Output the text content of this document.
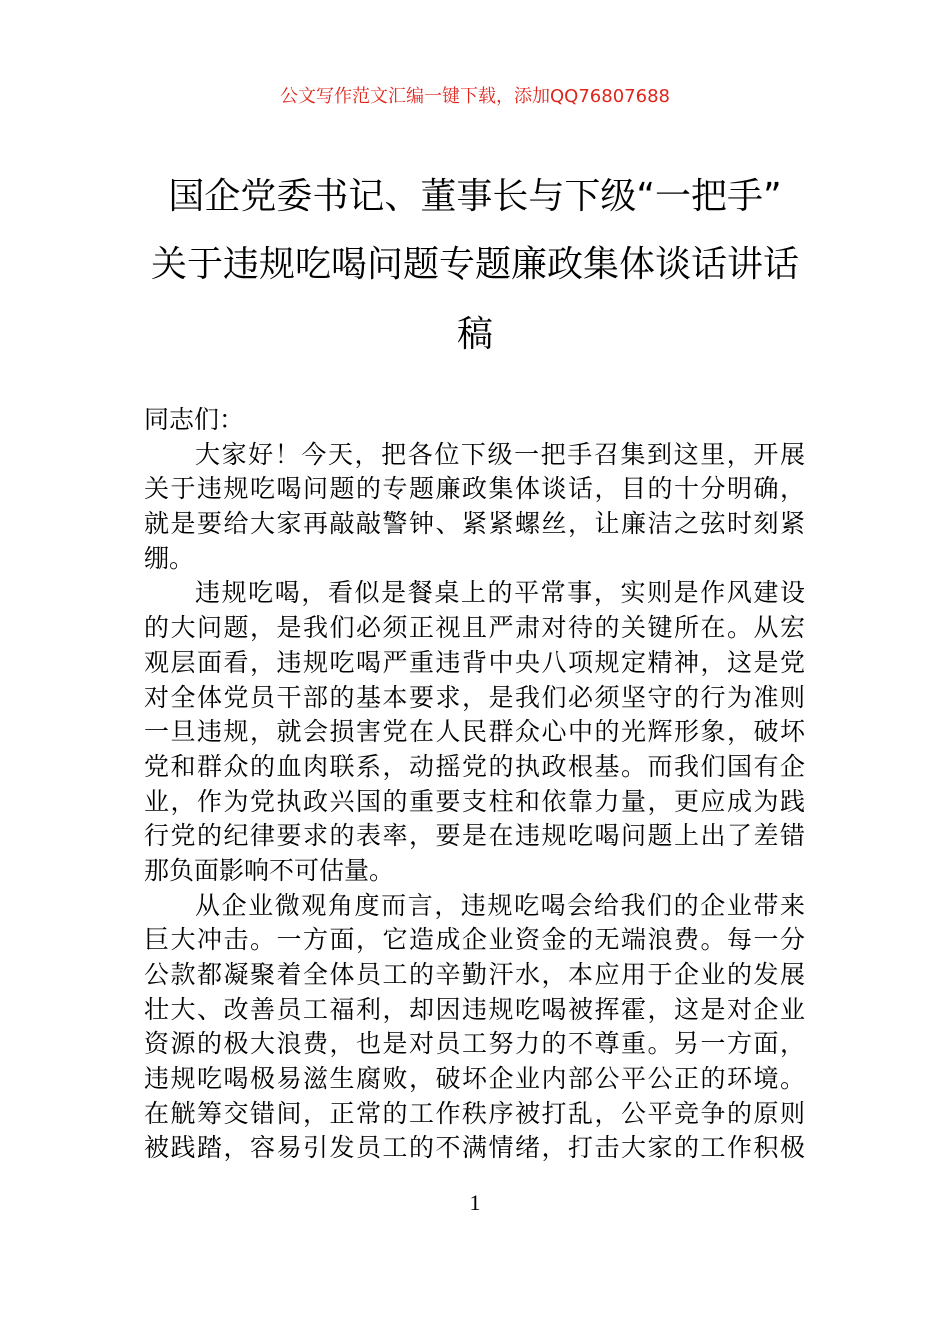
公文写作范文汇编一键下载，添加QQ76807688
国企党委书记、董事长与下级“一把手”
关于违规吃喝问题专题廉政集体谈话讲话
稿
同志们：
大家好！今天，把各位下级一把手召集到这里，开展
关于违规吃喝问题的专题廉政集体谈话，目的十分明确，
就是要给大家再敲敲警钟、紧紧螺丝，让廉洁之弦时刻紧
绷。
违规吃喝，看似是餐桌上的平常事，实则是作风建设
的大问题，是我们必须正视且严肃对待的关键所在。从宏
观层面看，违规吃喝严重违背中央八项规定精神，这是党
对全体党员干部的基本要求，是我们必须坚守的行为准则
一旦违规，就会损害党在人民群众心中的光辉形象，破坏
党和群众的血肉联系，动摇党的执政根基。而我们国有企
业，作为党执政兴国的重要支柱和依靠力量，更应成为践
行党的纪律要求的表率，要是在违规吃喝问题上出了差错
那负面影响不可估量。
从企业微观角度而言，违规吃喝会给我们的企业带来
巨大冲击。一方面，它造成企业资金的无端浪费。每一分
公款都凝聚着全体员工的辛勤汗水，本应用于企业的发展
壮大、改善员工福利，却因违规吃喝被挥霍，这是对企业
资源的极大浪费，也是对员工努力的不尊重。另一方面，
违规吃喝极易滋生腐败，破坏企业内部公平公正的环境。
在觥筹交错间，正常的工作秩序被打乱，公平竞争的原则
被践踏，容易引发员工的不满情绪，打击大家的工作积极
1
